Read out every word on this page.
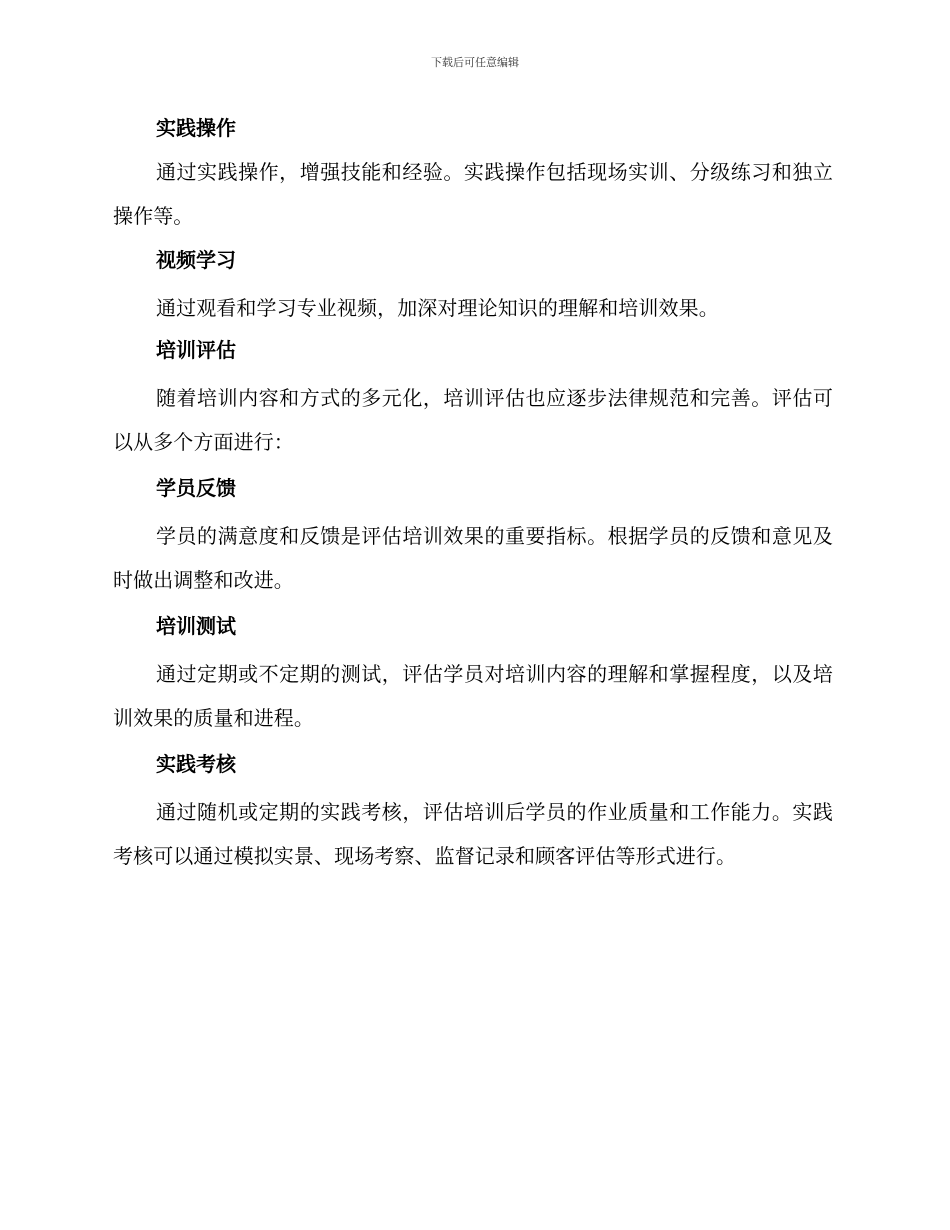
下载后可任意编辑
实践操作

通过实践操作，增强技能和经验。实践操作包括现场实训、分级练习和独立操作等。

视频学习

通过观看和学习专业视频，加深对理论知识的理解和培训效果。

培训评估

随着培训内容和方式的多元化，培训评估也应逐步法律规范和完善。评估可以从多个方面进行：

学员反馈

学员的满意度和反馈是评估培训效果的重要指标。根据学员的反馈和意见及时做出调整和改进。

培训测试

通过定期或不定期的测试，评估学员对培训内容的理解和掌握程度，以及培训效果的质量和进程。

实践考核

通过随机或定期的实践考核，评估培训后学员的作业质量和工作能力。实践考核可以通过模拟实景、现场考察、监督记录和顾客评估等形式进行。
